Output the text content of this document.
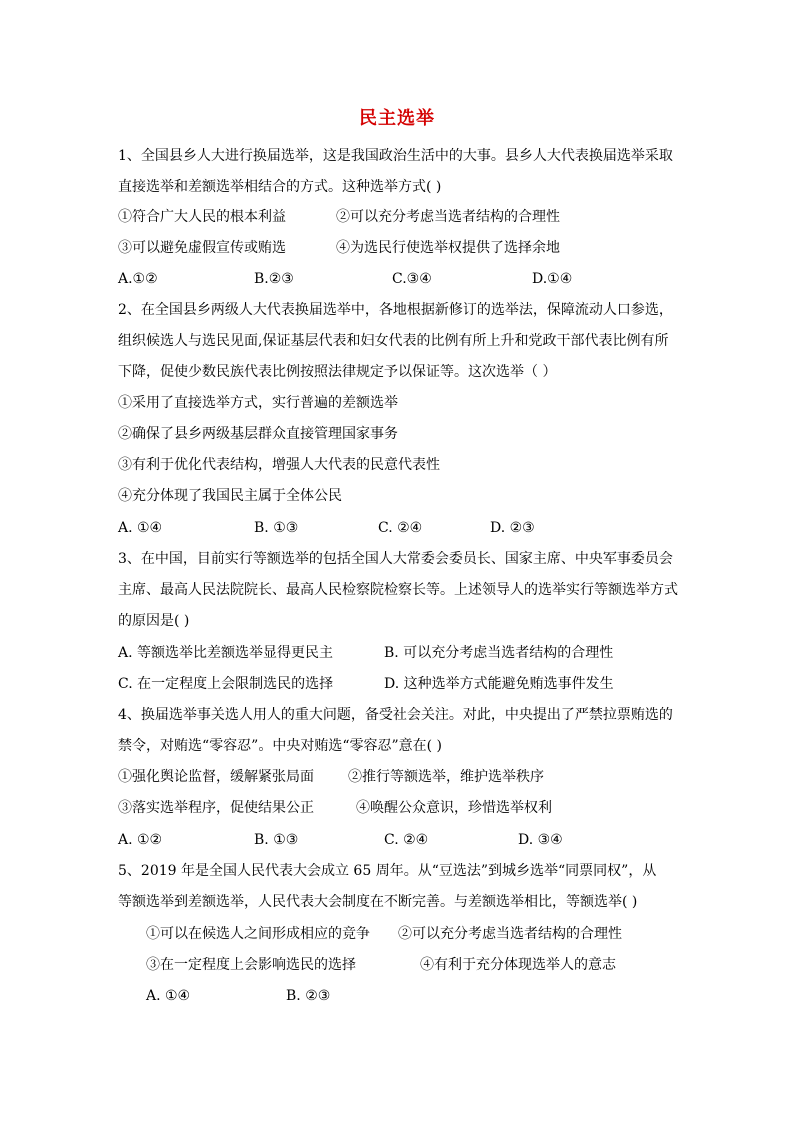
民主选举
1、全国县乡人大进行换届选举，这是我国政治生活中的大事。县乡人大代表换届选举采取
直接选举和差额选举相结合的方式。这种选举方式( )
①符合广大人民的根本利益	②可以充分考虑当选者结构的合理性
③可以避免虚假宣传或贿选	④为选民行使选举权提供了选择余地
A.①②	B.②③	C.③④	D.①④
2、在全国县乡两级人大代表换届选举中，各地根据新修订的选举法，保障流动人口参选，
组织候选人与选民见面,保证基层代表和妇女代表的比例有所上升和党政干部代表比例有所
下降，促使少数民族代表比例按照法律规定予以保证等。这次选举（ ）
①采用了直接选举方式，实行普遍的差额选举
②确保了县乡两级基层群众直接管理国家事务
③有利于优化代表结构，增强人大代表的民意代表性
④充分体现了我国民主属于全体公民
A. ①④	B. ①③	C. ②④	D. ②③
3、在中国，目前实行等额选举的包括全国人大常委会委员长、国家主席、中央军事委员会
主席、最高人民法院院长、最高人民检察院检察长等。上述领导人的选举实行等额选举方式
的原因是( )
A. 等额选举比差额选举显得更民主	B. 可以充分考虑当选者结构的合理性
C. 在一定程度上会限制选民的选择	D. 这种选举方式能避免贿选事件发生
4、换届选举事关选人用人的重大问题，备受社会关注。对此，中央提出了严禁拉票贿选的
禁令，对贿选“零容忍”。中央对贿选“零容忍”意在( )
①强化舆论监督，缓解紧张局面 ②推行等额选举，维护选举秩序
③落实选举程序，促使结果公正	④唤醒公众意识，珍惜选举权利
A. ①②	B. ①③	C. ②④	D. ③④
5、2019 年是全国人民代表大会成立 65 周年。从“豆选法”到城乡选举“同票同权”，从
等额选举到差额选举，人民代表大会制度在不断完善。与差额选举相比，等额选举( )
①可以在候选人之间形成相应的竞争 ②可以充分考虑当选者结构的合理性
③在一定程度上会影响选民的选择	④有利于充分体现选举人的意志
A. ①④	B. ②③
